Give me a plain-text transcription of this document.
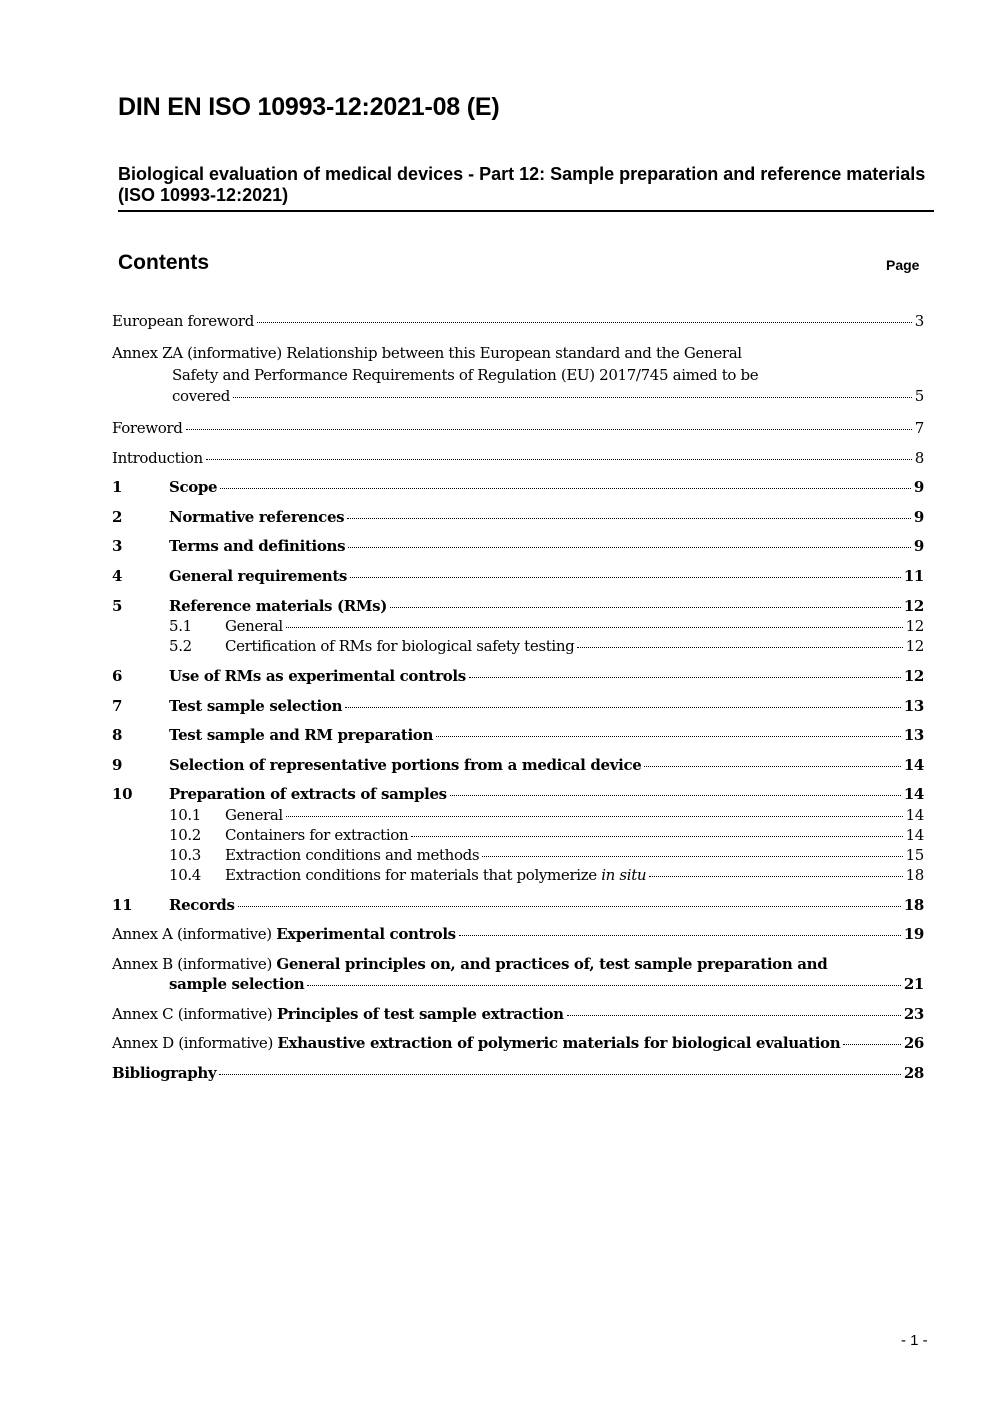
DIN EN ISO 10993-12:2021-08 (E)
Biological evaluation of medical devices - Part 12: Sample preparation and reference materials (ISO 10993-12:2021)
Contents	Page
European foreword	3
Annex ZA (informative) Relationship between this European standard and the General
Safety and Performance Requirements of Regulation (EU) 2017/745 aimed to be
covered	5
Foreword	7
Introduction	8
1	Scope	9
2	Normative references	9
3	Terms and definitions	9
4	General requirements	11
5	Reference materials (RMs)	12
5.1	General	12
5.2	Certification of RMs for biological safety testing	12
6	Use of RMs as experimental controls	12
7	Test sample selection	13
8	Test sample and RM preparation	13
9	Selection of representative portions from a medical device	14
10	Preparation of extracts of samples	14
10.1	General	14
10.2	Containers for extraction	14
10.3	Extraction conditions and methods	15
10.4	Extraction conditions for materials that polymerize in situ	18
11	Records	18
Annex A (informative) Experimental controls	19
Annex B (informative) General principles on, and practices of, test sample preparation and
sample selection	21
Annex C (informative) Principles of test sample extraction	23
Annex D (informative) Exhaustive extraction of polymeric materials for biological evaluation	26
Bibliography	28
- 1 -
